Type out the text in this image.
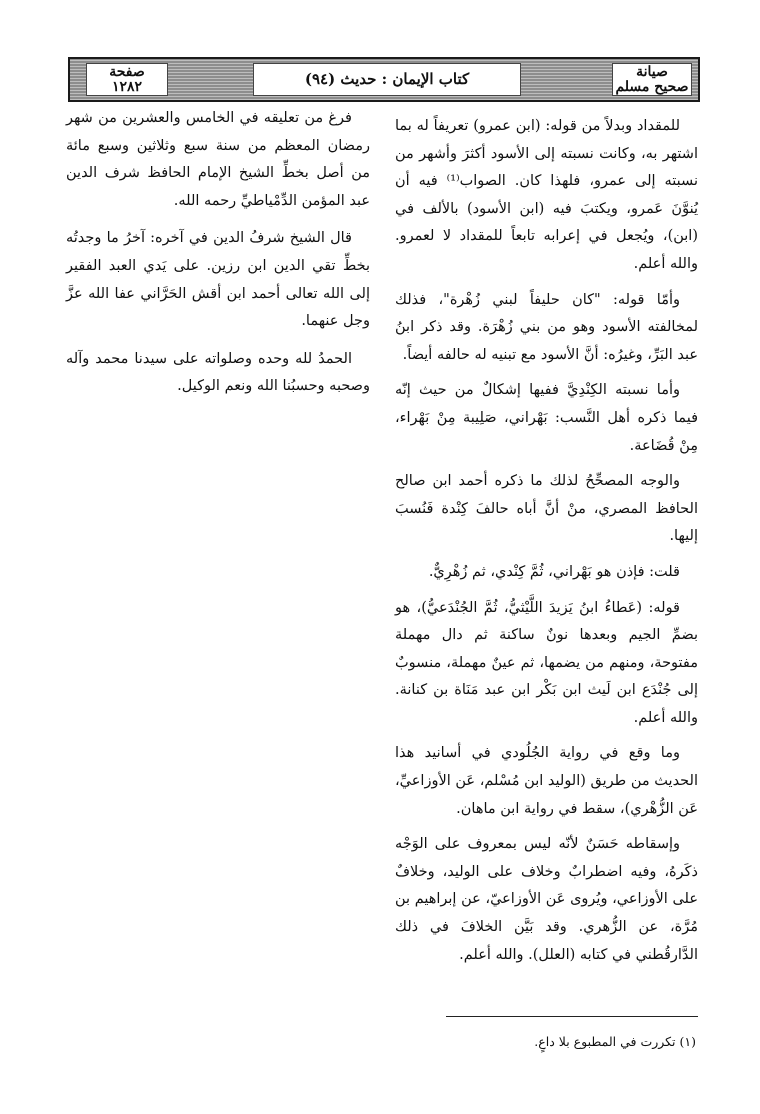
صيانة
صحيح مسلم
كتاب الإيمان : حديث (٩٤)
صفحة
١٢٨٢

للمقداد وبدلاً من قوله: (ابن عمرو) تعريفاً له بما اشتهر به، وكانت نسبته إلى الأسود أكثرَ وأشهر من نسبته إلى عمرو، فلهذا كان. الصواب⁽¹⁾ فيه أن يُنوَّنَ عَمرو، ويكتبَ فيه (ابن الأسود) بالألف في (ابن)، ويُجعل في إعرابه تابعاً للمقداد لا لعمرو. والله أعلم.

وأمّا قوله: "كان حليفاً لبني زُهْرة"، فذلك لمخالفته الأسود وهو من بني زُهْرَة. وقد ذكر ابنُ عبد البَرِّ، وغيرُه: أنَّ الأسود مع تبنيه له حالفه أيضاً.

وأما نسبته الكِنْدِيَّ ففيها إشكالٌ من حيث إنّه فيما ذكره أهل النَّسب: بَهْراني، صَلِيبة مِنْ بَهْراء، مِنْ قُضَاعة.

والوجه المصحِّحُ لذلك ما ذكره أحمد ابن صالح الحافظ المصري، منْ أنَّ أباه حالفَ كِنْدة فَنُسبَ إليها.

قلت: فإذن هو بَهْراني، ثُمَّ كِنْدي، ثم زُهْرِيٌّ.

قوله: (عَطاءُ ابنُ يَزيدَ اللَّيْثيُّ، ثُمَّ الجُنْدَعيُّ)، هو بضمِّ الجيم وبعدها نونٌ ساكنة ثم دال مهملة مفتوحة، ومنهم من يضمها، ثم عينٌ مهملة، منسوبٌ إلى جُنْدَع ابن لَيث ابن بَكْر ابن عبد مَنَاة بن كنانة. والله أعلم.

وما وقع في رواية الجُلُودي في أسانيد هذا الحديث من طريق (الوليد ابن مُسْلم، عَن الأوزاعيِّ، عَن الزُّهْري)، سقط في رواية ابن ماهان.

وإسقاطه حَسَنٌ لأنّه ليس بمعروف على الوَجْه ذكَرهُ، وفيه اضطرابٌ وخلاف على الوليد، وخلافٌ على الأوزاعي، ويُروى عَن الأوزاعيّ، عن إبراهيم بن مُرَّة، عن الزُّهري. وقد بَيَّن الخلافَ في ذلك الدَّارقُطني في كتابه (العلل). والله أعلم.

فرغ من تعليقه في الخامس والعشرين من شهر رمضان المعظم من سنة سبع وثلاثين وسبع مائة من أصل بخطِّ الشيخ الإمام الحافظ شرف الدين عبد المؤمن الدِّمْياطيِّ رحمه الله.

قال الشيخ شرفُ الدين في آخره: آخرُ ما وجدتُه بخطِّ تقي الدين ابن رزين. على يَدي العبد الفقير إلى الله تعالى أحمد ابن أقش الحَرَّاني عفا الله عزَّ وجل عنهما.

الحمدُ لله وحده وصلواته على سيدنا محمد وآله وصحبه وحسبُنا الله ونعم الوكيل.

(١) تكررت في المطبوع بلا داعٍ.
